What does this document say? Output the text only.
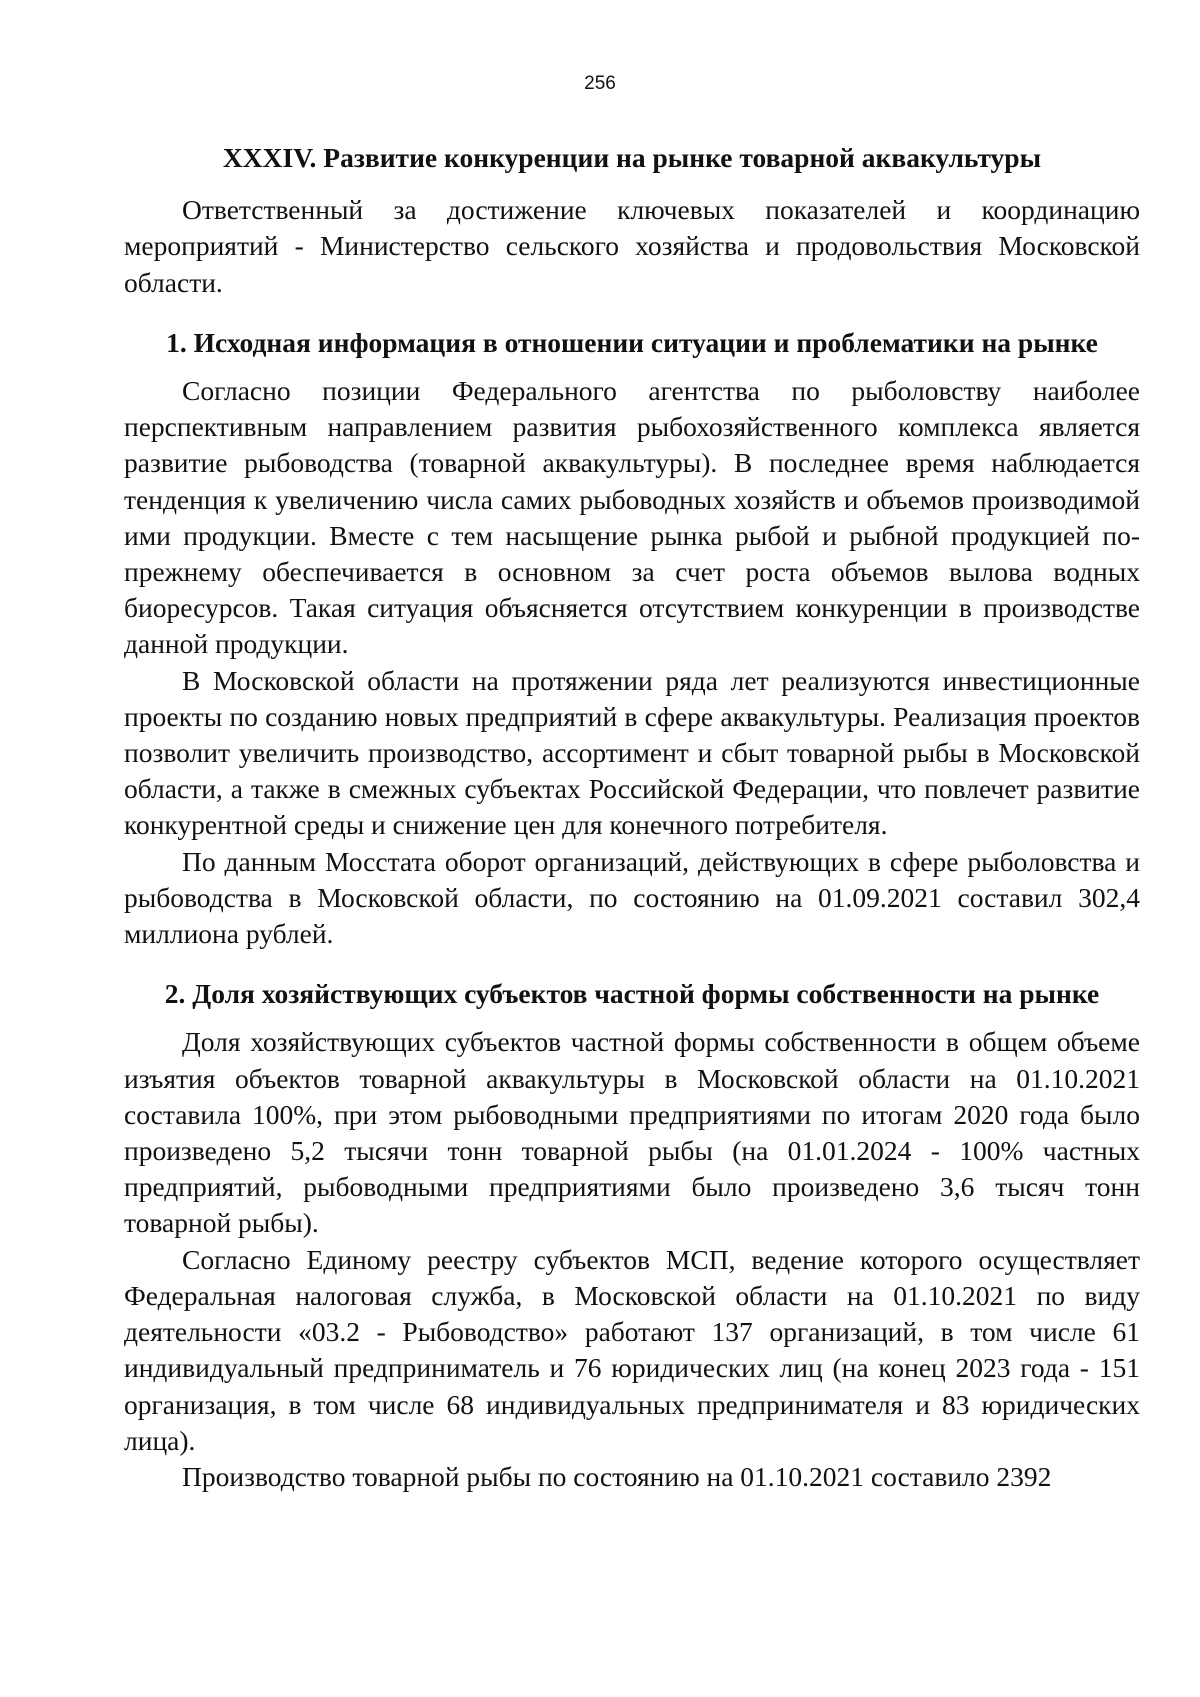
256

XXXIV. Развитие конкуренции на рынке товарной аквакультуры

Ответственный за достижение ключевых показателей и координацию мероприятий - Министерство сельского хозяйства и продовольствия Московской области.

1. Исходная информация в отношении ситуации и проблематики на рынке

Согласно позиции Федерального агентства по рыболовству наиболее перспективным направлением развития рыбохозяйственного комплекса является развитие рыбоводства (товарной аквакультуры). В последнее время наблюдается тенденция к увеличению числа самих рыбоводных хозяйств и объемов производимой ими продукции. Вместе с тем насыщение рынка рыбой и рыбной продукцией по-прежнему обеспечивается в основном за счет роста объемов вылова водных биоресурсов. Такая ситуация объясняется отсутствием конкуренции в производстве данной продукции.

В Московской области на протяжении ряда лет реализуются инвестиционные проекты по созданию новых предприятий в сфере аквакультуры. Реализация проектов позволит увеличить производство, ассортимент и сбыт товарной рыбы в Московской области, а также в смежных субъектах Российской Федерации, что повлечет развитие конкурентной среды и снижение цен для конечного потребителя.

По данным Мосстата оборот организаций, действующих в сфере рыболовства и рыбоводства в Московской области, по состоянию на 01.09.2021 составил 302,4 миллиона рублей.

2. Доля хозяйствующих субъектов частной формы собственности на рынке

Доля хозяйствующих субъектов частной формы собственности в общем объеме изъятия объектов товарной аквакультуры в Московской области на 01.10.2021 составила 100%, при этом рыбоводными предприятиями по итогам 2020 года было произведено 5,2 тысячи тонн товарной рыбы (на 01.01.2024 - 100% частных предприятий, рыбоводными предприятиями было произведено 3,6 тысяч тонн товарной рыбы).

Согласно Единому реестру субъектов МСП, ведение которого осуществляет Федеральная налоговая служба, в Московской области на 01.10.2021 по виду деятельности «03.2 - Рыбоводство» работают 137 организаций, в том числе 61 индивидуальный предприниматель и 76 юридических лиц (на конец 2023 года - 151 организация, в том числе 68 индивидуальных предпринимателя и 83 юридических лица).

Производство товарной рыбы по состоянию на 01.10.2021 составило 2392
